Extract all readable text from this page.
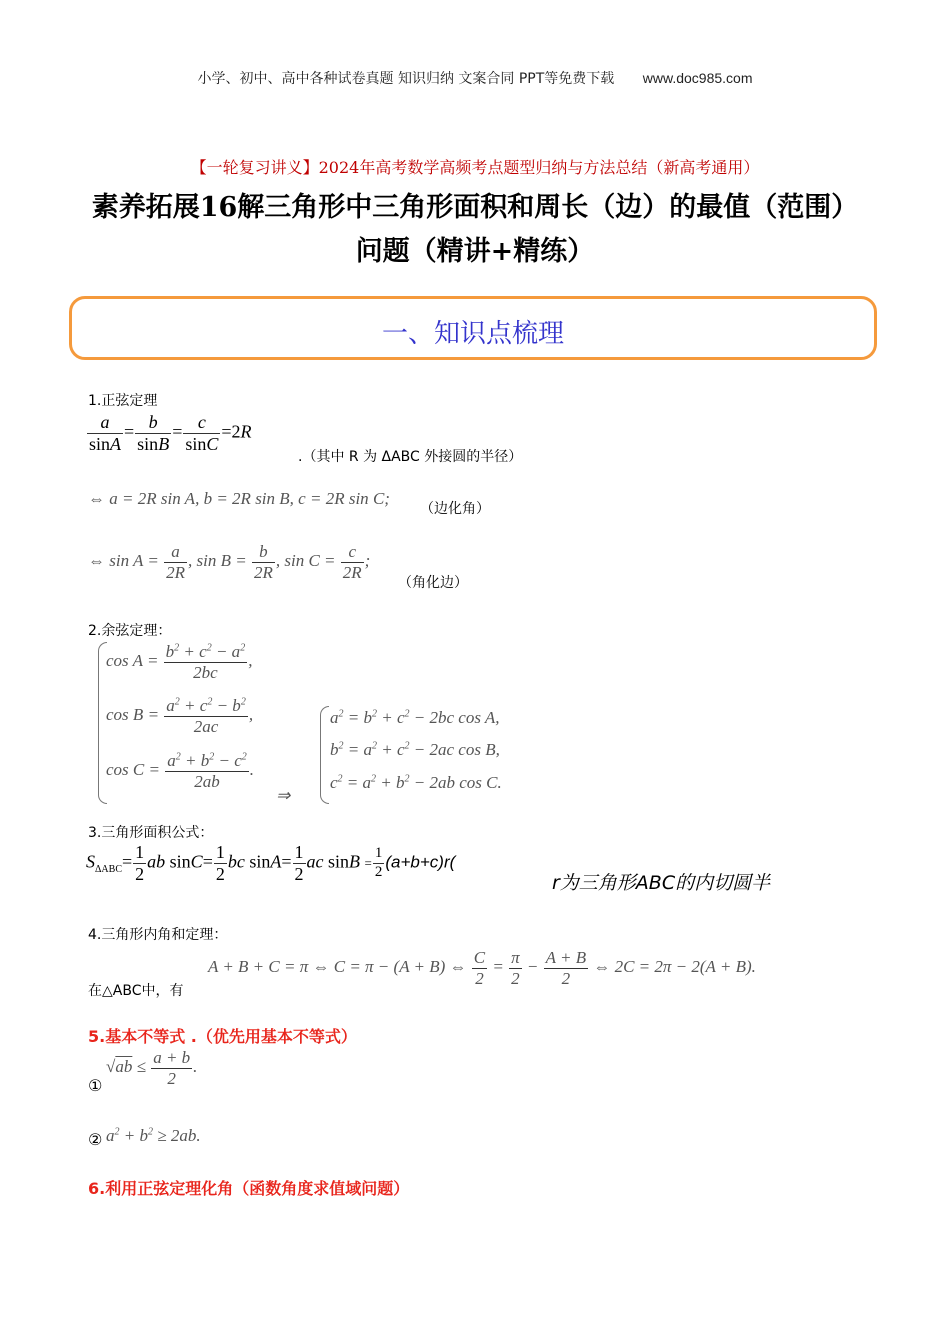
小学、初中、高中各种试卷真题 知识归纳 文案合同 PPT等免费下载 www.doc985.com
【一轮复习讲义】2024年高考数学高频考点题型归纳与方法总结（新高考通用）
素养拓展16解三角形中三角形面积和周长（边）的最值（范围）问题（精讲+精练）
一、知识点梳理
1.正弦定理
$\frac{a}{\sin A} = \frac{b}{\sin B} = \frac{c}{\sin C} =2R$
.（其中 R 为 ΔABC 外接圆的半径）
⇔ a = 2R sin A, b = 2R sin B, c = 2R sin C;
（边化角）
⇔ $\sin A = \frac{a}{2R}$ , $\sin B = \frac{b}{2R}$ , $\sin C = \frac{c}{2R}$ ;
（角化边）
2.余弦定理：
$\cos A = \frac{b^2 + c^2 - a^2}{2bc}$ ,
$\cos B = \frac{a^2 + c^2 - b^2}{2ac}$ ,
$\cos C = \frac{a^2 + b^2 - c^2}{2ab}$ .
⇒
$a^2 = b^2 + c^2 - 2bc$ cos A,
$b^2 = a^2 + c^2 - 2ac$ cos B,
$c^2 = a^2 + b^2 - 2ab$ cos C.
3.三角形面积公式：
$S_{\Delta ABC}= \frac{1}{2}$ ab $\sin C= \frac{1}{2}$ bc $\sin A= \frac{1}{2}$ ac $\sin B = \frac{1}{2} (a+b+c)r$(
r为三角形ABC的内切圆半
4.三角形内角和定理：
在△ABC中，有
A + B + C = π ⇔ C = π − (A + B) ⇔ $\frac{C}{2} = \frac{\pi}{2} - \frac{A + B}{2}$ ⇔ 2C = 2π − 2(A + B).
5.基本不等式 .（优先用基本不等式）
①
$√ab \le \frac{a + b}{2}$ .
② $a^2 + b^2 \ge 2ab$.
6.利用正弦定理化角（函数角度求值域问题）
